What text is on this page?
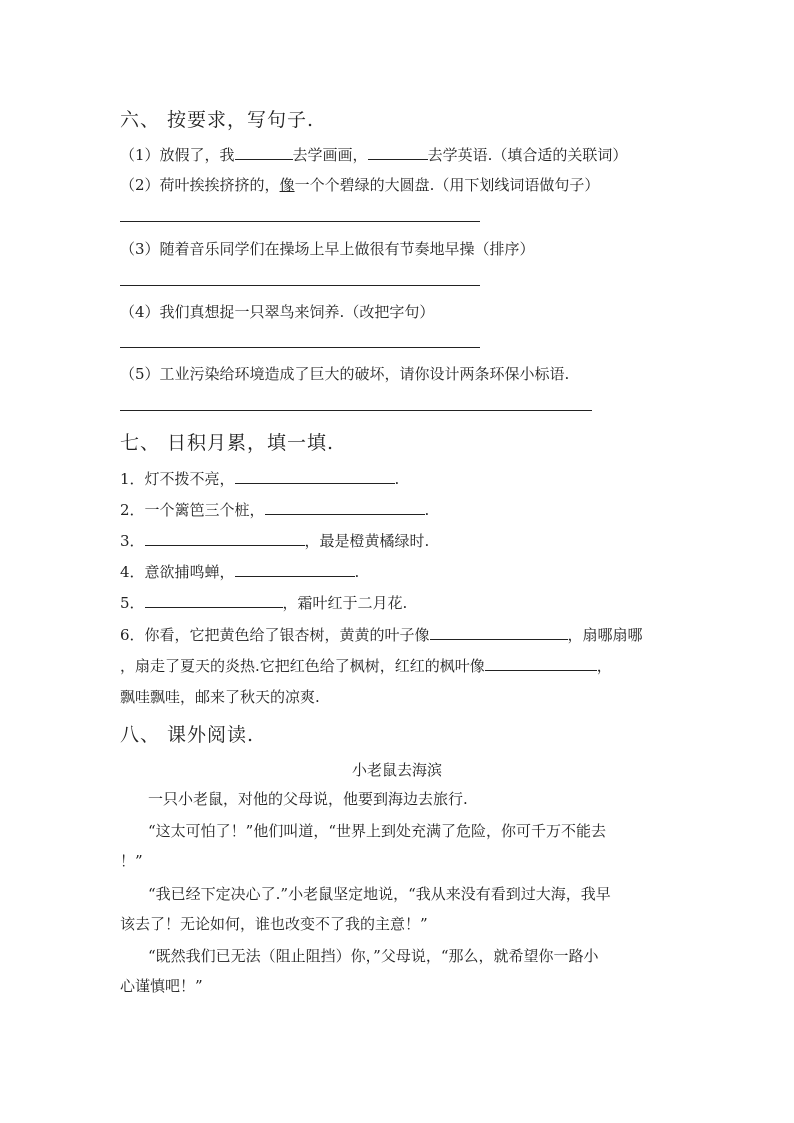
六、 按要求，写句子.
（1）放假了，我	去学画画，	去学英语.（填合适的关联词）
（2）荷叶挨挨挤挤的，像一个个碧绿的大圆盘.（用下划线词语做句子）
（3）随着音乐同学们在操场上早上做很有节奏地早操（排序）
（4）我们真想捉一只翠鸟来饲养.（改把字句）
（5）工业污染给环境造成了巨大的破坏，请你设计两条环保小标语.
七、 日积月累，填一填.
1．灯不拨不亮，	.
2．一个篱笆三个桩，	.
3．	，最是橙黄橘绿时.
4．意欲捕鸣蝉，	.
5．	，霜叶红于二月花.
6．你看，它把黄色给了银杏树，黄黄的叶子像	，扇哪扇哪
，扇走了夏天的炎热.它把红色给了枫树，红红的枫叶像	，
飘哇飘哇，邮来了秋天的凉爽.
八、 课外阅读.
小老鼠去海滨
一只小老鼠，对他的父母说，他要到海边去旅行.
“这太可怕了！”他们叫道，“世界上到处充满了危险，你可千万不能去
！”
“我已经下定决心了.”小老鼠坚定地说，“我从来没有看到过大海，我早
该去了！无论如何，谁也改变不了我的主意！”
“既然我们已无法（阻止阻挡）你，”父母说，“那么，就希望你一路小
心谨慎吧！”
